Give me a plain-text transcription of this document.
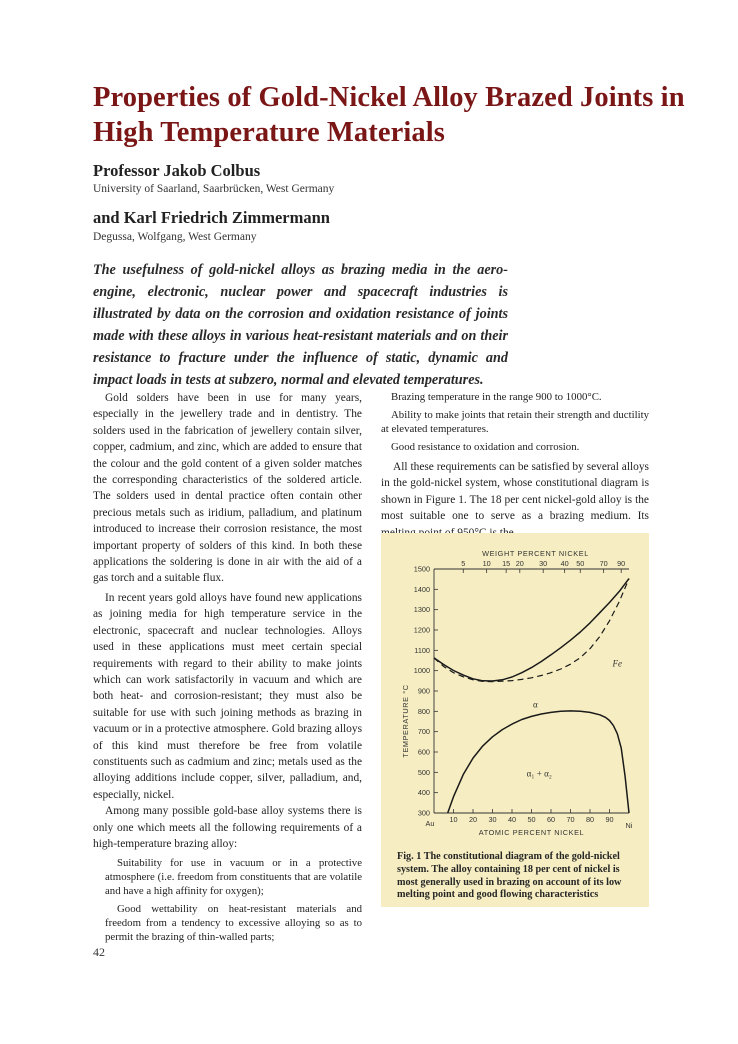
Properties of Gold-Nickel Alloy Brazed Joints in High Temperature Materials

Professor Jakob Colbus

University of Saarland, Saarbrücken, West Germany

and Karl Friedrich Zimmermann

Degussa, Wolfgang, West Germany

The usefulness of gold-nickel alloys as brazing media in the aero-engine, electronic, nuclear power and spacecraft industries is illustrated by data on the corrosion and oxidation resistance of joints made with these alloys in various heat-resistant materials and on their resistance to fracture under the influence of static, dynamic and impact loads in tests at subzero, normal and elevated temperatures.

Gold solders have been in use for many years, especially in the jewellery trade and in dentistry. The solders used in the fabrication of jewellery contain silver, copper, cadmium, and zinc, which are added to ensure that the colour and the gold content of a given solder matches the corresponding characteristics of the soldered article. The solders used in dental practice often contain other precious metals such as iridium, palladium, and platinum introduced to increase their corrosion resistance, the most important property of solders of this kind. In both these applications the soldering is done in air with the aid of a gas torch and a suitable flux.

In recent years gold alloys have found new applications as joining media for high temperature service in the electronic, spacecraft and nuclear technologies. Alloys used in these applications must meet certain special requirements with regard to their ability to make joints which can work satisfactorily in vacuum and which are both heat- and corrosion-resistant; they must also be suitable for use with such joining methods as brazing in vacuum or in a protective atmosphere. Gold brazing alloys of this kind must therefore be free from volatile constituents such as cadmium and zinc; metals used as the alloying additions include copper, silver, palladium, and, especially, nickel.

Among many possible gold-base alloy systems there is only one which meets all the following requirements of a high-temperature brazing alloy:

Suitability for use in vacuum or in a protective atmosphere (i.e. freedom from constituents that are volatile and have a high affinity for oxygen);

Good wettability on heat-resistant materials and freedom from a tendency to excessive alloying so as to permit the brazing of thin-walled parts;

Brazing temperature in the range 900 to 1000°C.

Ability to make joints that retain their strength and ductility at elevated temperatures.

Good resistance to oxidation and corrosion.

All these requirements can be satisfied by several alloys in the gold-nickel system, whose constitutional diagram is shown in Figure 1. The 18 per cent nickel-gold alloy is the most suitable one to serve as a brazing medium. Its

300
400
500
600
700
800
900
1000
1100
1200
1300
1400
1500
10 20 30 40 50 60 70 80 90
Au	Ni
ATOMIC PERCENT NICKEL
5 10 15 20 30 40 50 70 90
WEIGHT PERCENT NICKEL
TEMPERATURE °C	α
α₁ + α₂
Fe

Fig. 1 The constitutional diagram of the gold-nickel system. The alloy containing 18 per cent of nickel is most generally used in brazing on account of its low melting point and good flowing characteristics

42
